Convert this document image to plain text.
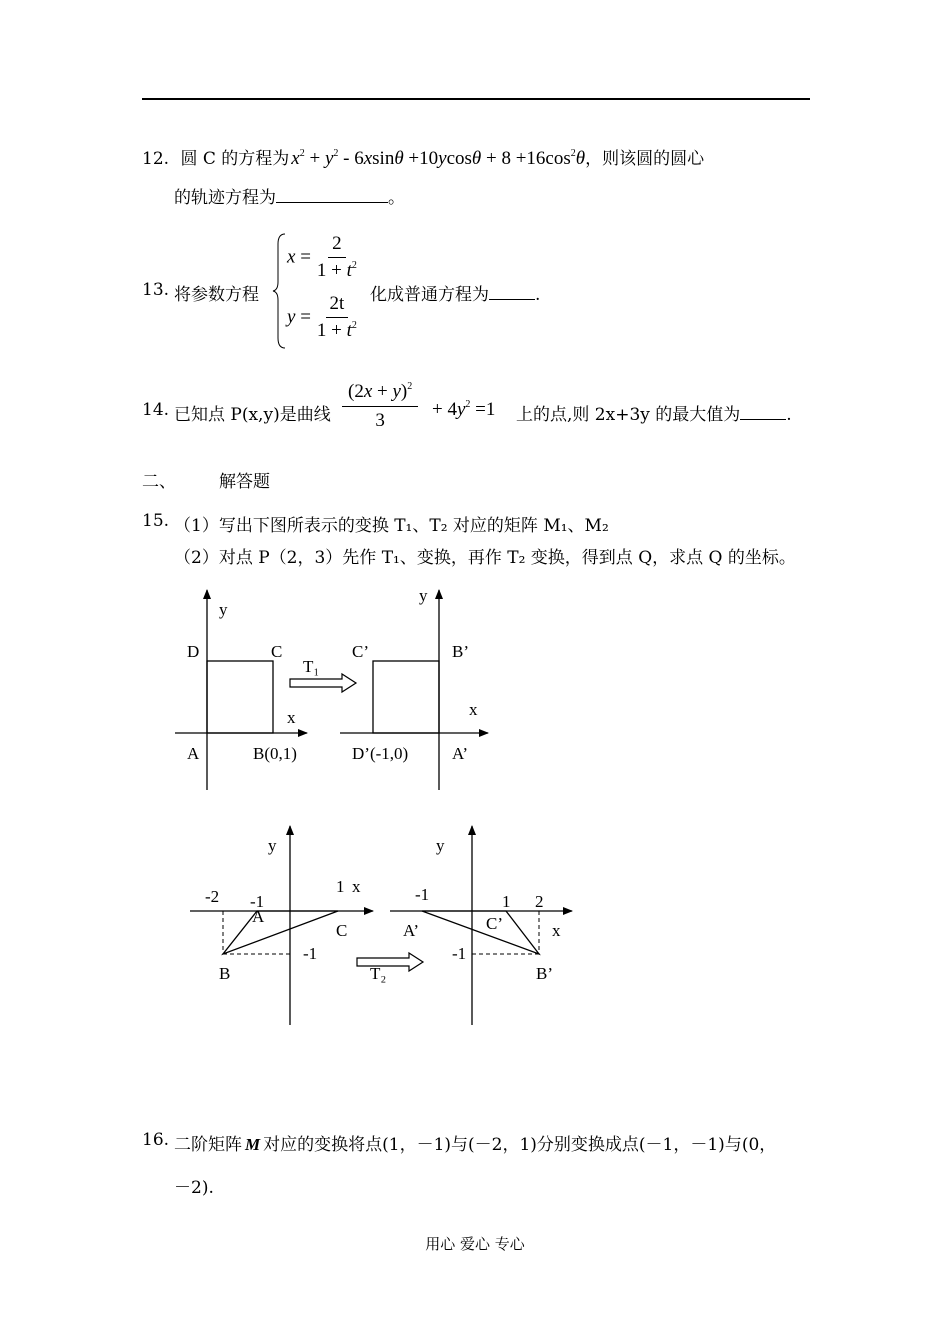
12. 圆 C 的方程为 $x^2 + y^2 - 6xsin\theta +10ycos\theta + 8 +16\cos^2\theta$，则该圆的圆心
的轨迹方程为	。
13. 将参数方程
$x = \frac{2}{1 + t^2}$
$y = \frac{2t}{1 + t^2}$ 化成普通方程为	.
14. 已知点 P(x,y)是曲线 $\frac{(2x + y)^2}{3} + 4y^2 =1$ 上的点,则 2x+3y 的最大值为	.
二、	解答题
15. （1）写出下图所表示的变换 T₁、T₂ 对应的矩阵 M₁、M₂
（2）对点 P（2，3）先作 T₁、变换，再作 T₂ 变换，得到点 Q，求点 Q 的坐标。
y
x
D	C
A	B(0,1)
T₁
y
x
C’	B’
D’(-1,0)	A’
y
-2 -1
1 x
A
C
B
-1
T₂
y
-1	1 2
A’	C’	x
-1
B’
16. 二阶矩阵 M 对应的变换将点(1，－1)与(－2，1)分别变换成点(－1，－1)与(0，
－2).
用心 爱心 专心
